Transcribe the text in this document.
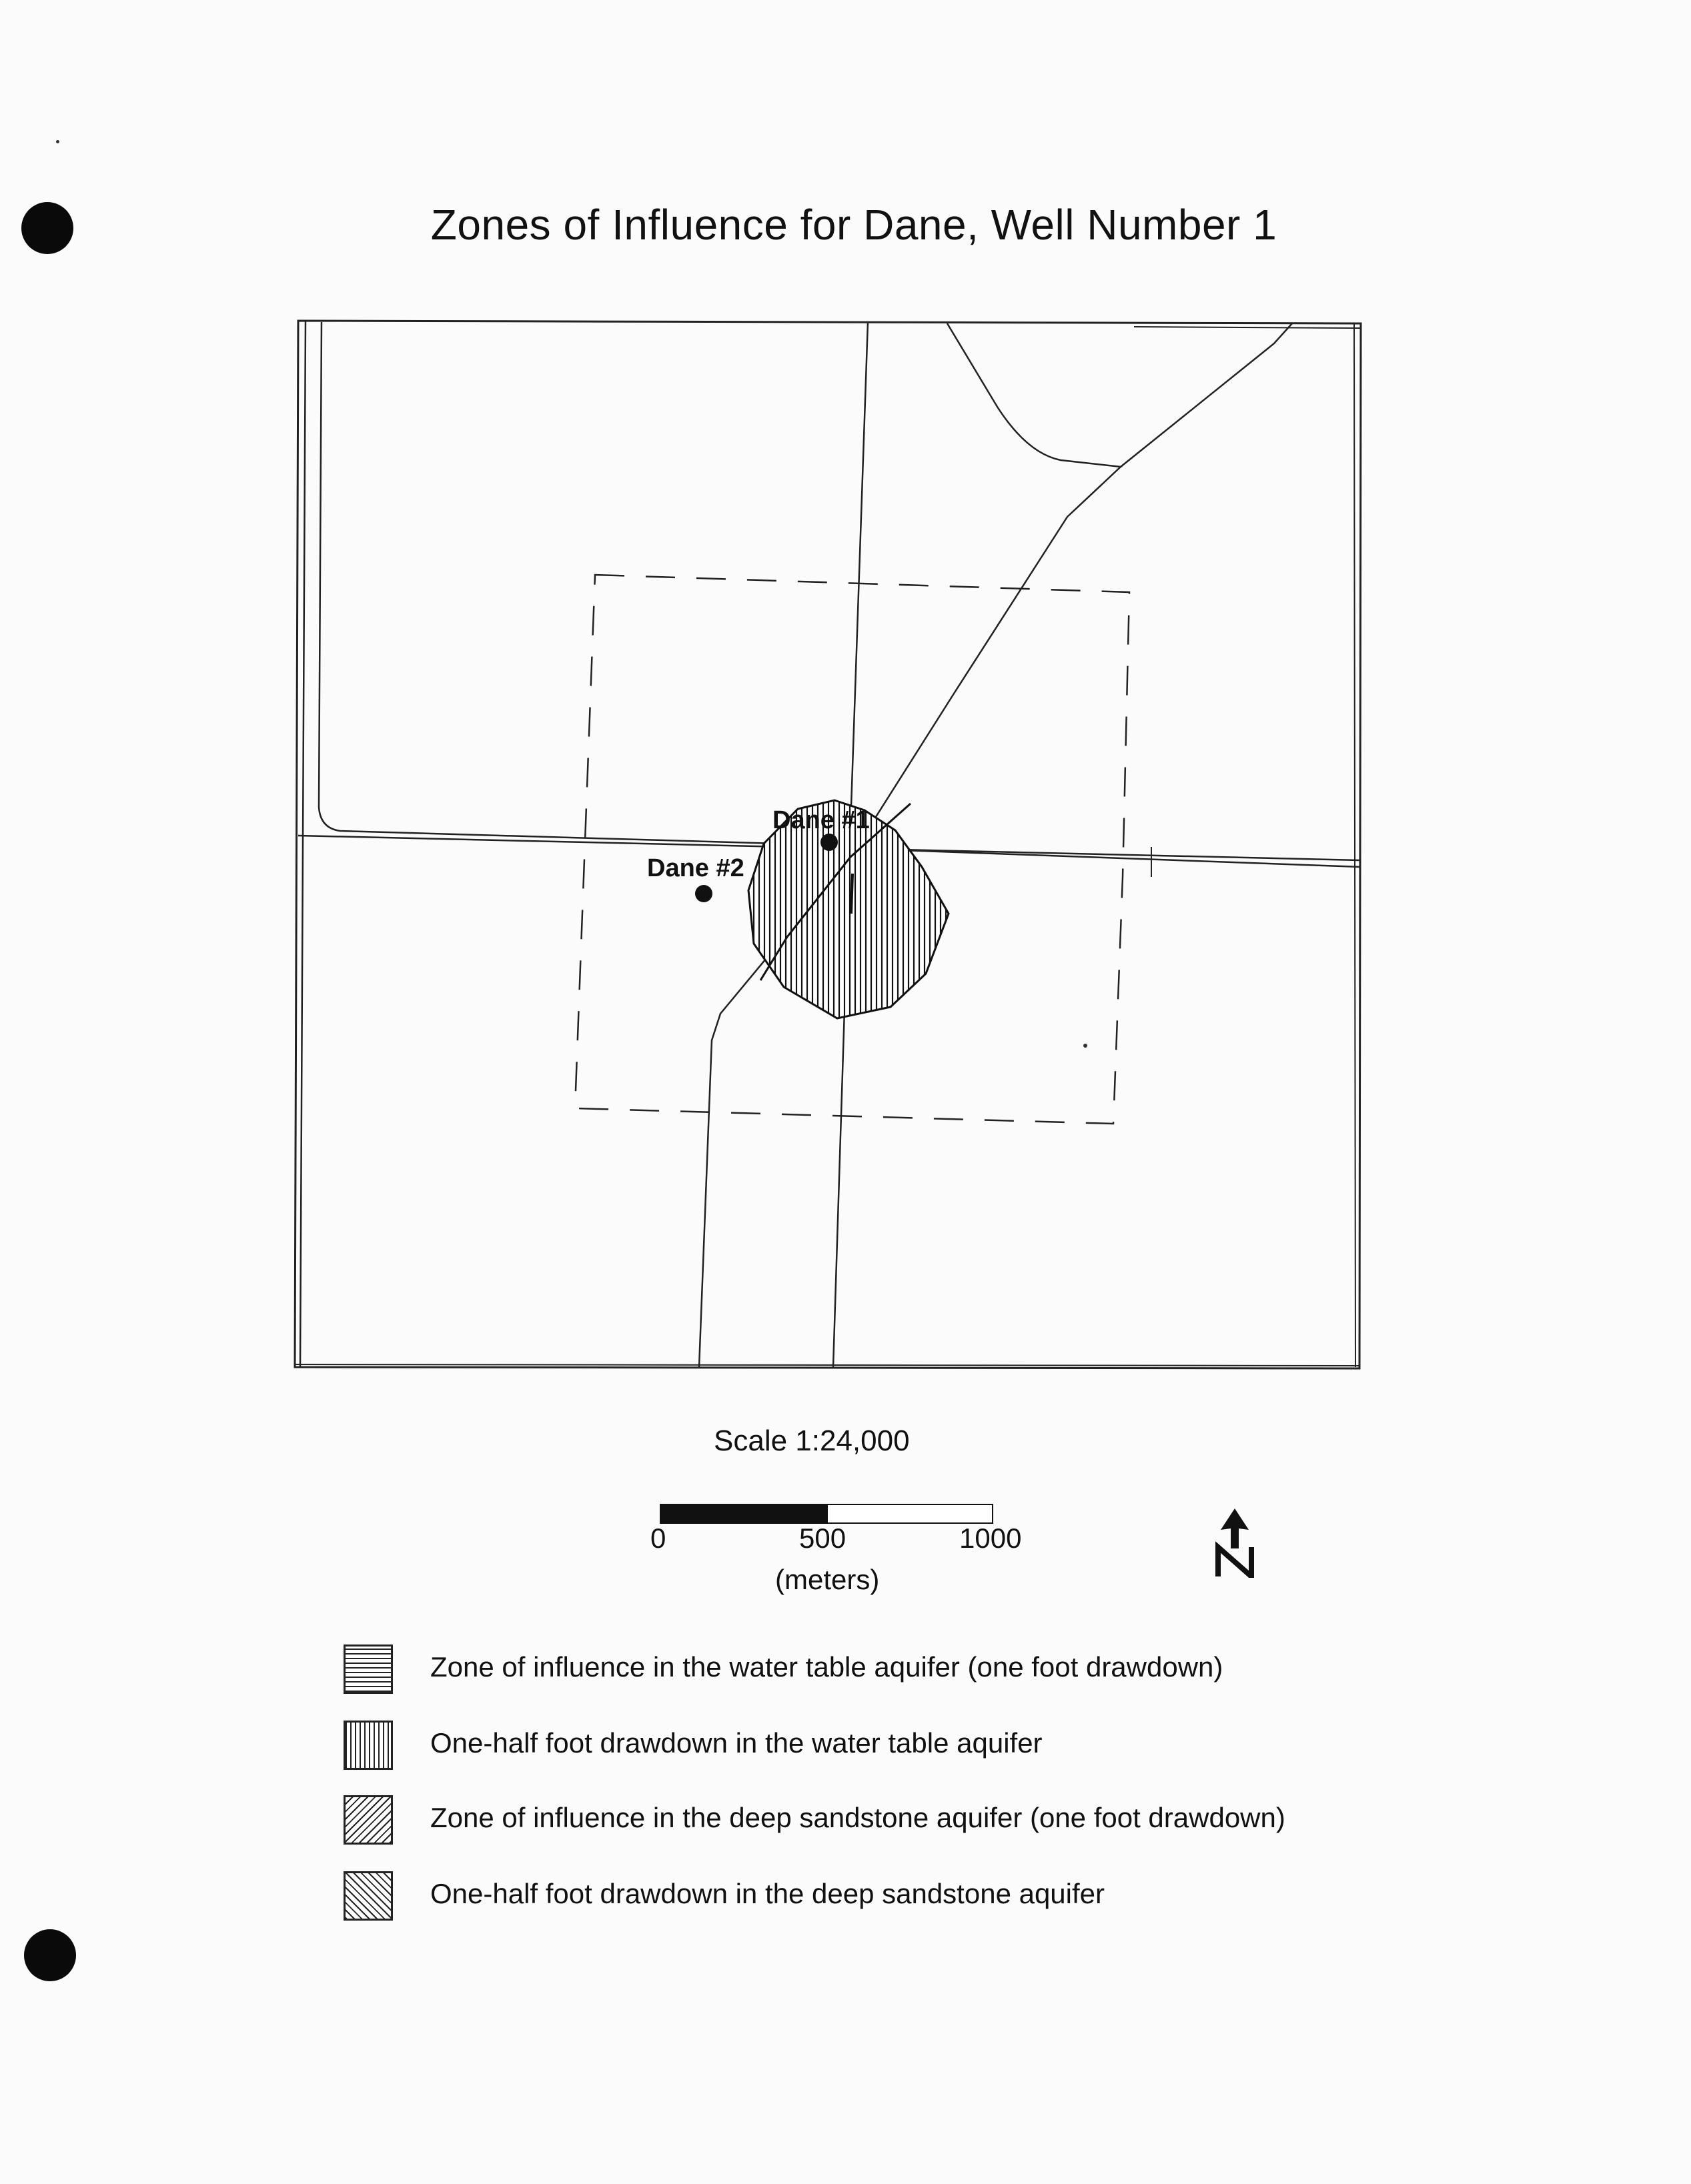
Zones of Influence for Dane, Well Number 1
Dane #1
Dane #2
Scale 1:24,000
0	500	1000
(meters)
Zone of influence in the water table aquifer (one foot drawdown)
One-half foot drawdown in the water table aquifer
Zone of influence in the deep sandstone aquifer (one foot drawdown)
One-half foot drawdown in the deep sandstone aquifer
